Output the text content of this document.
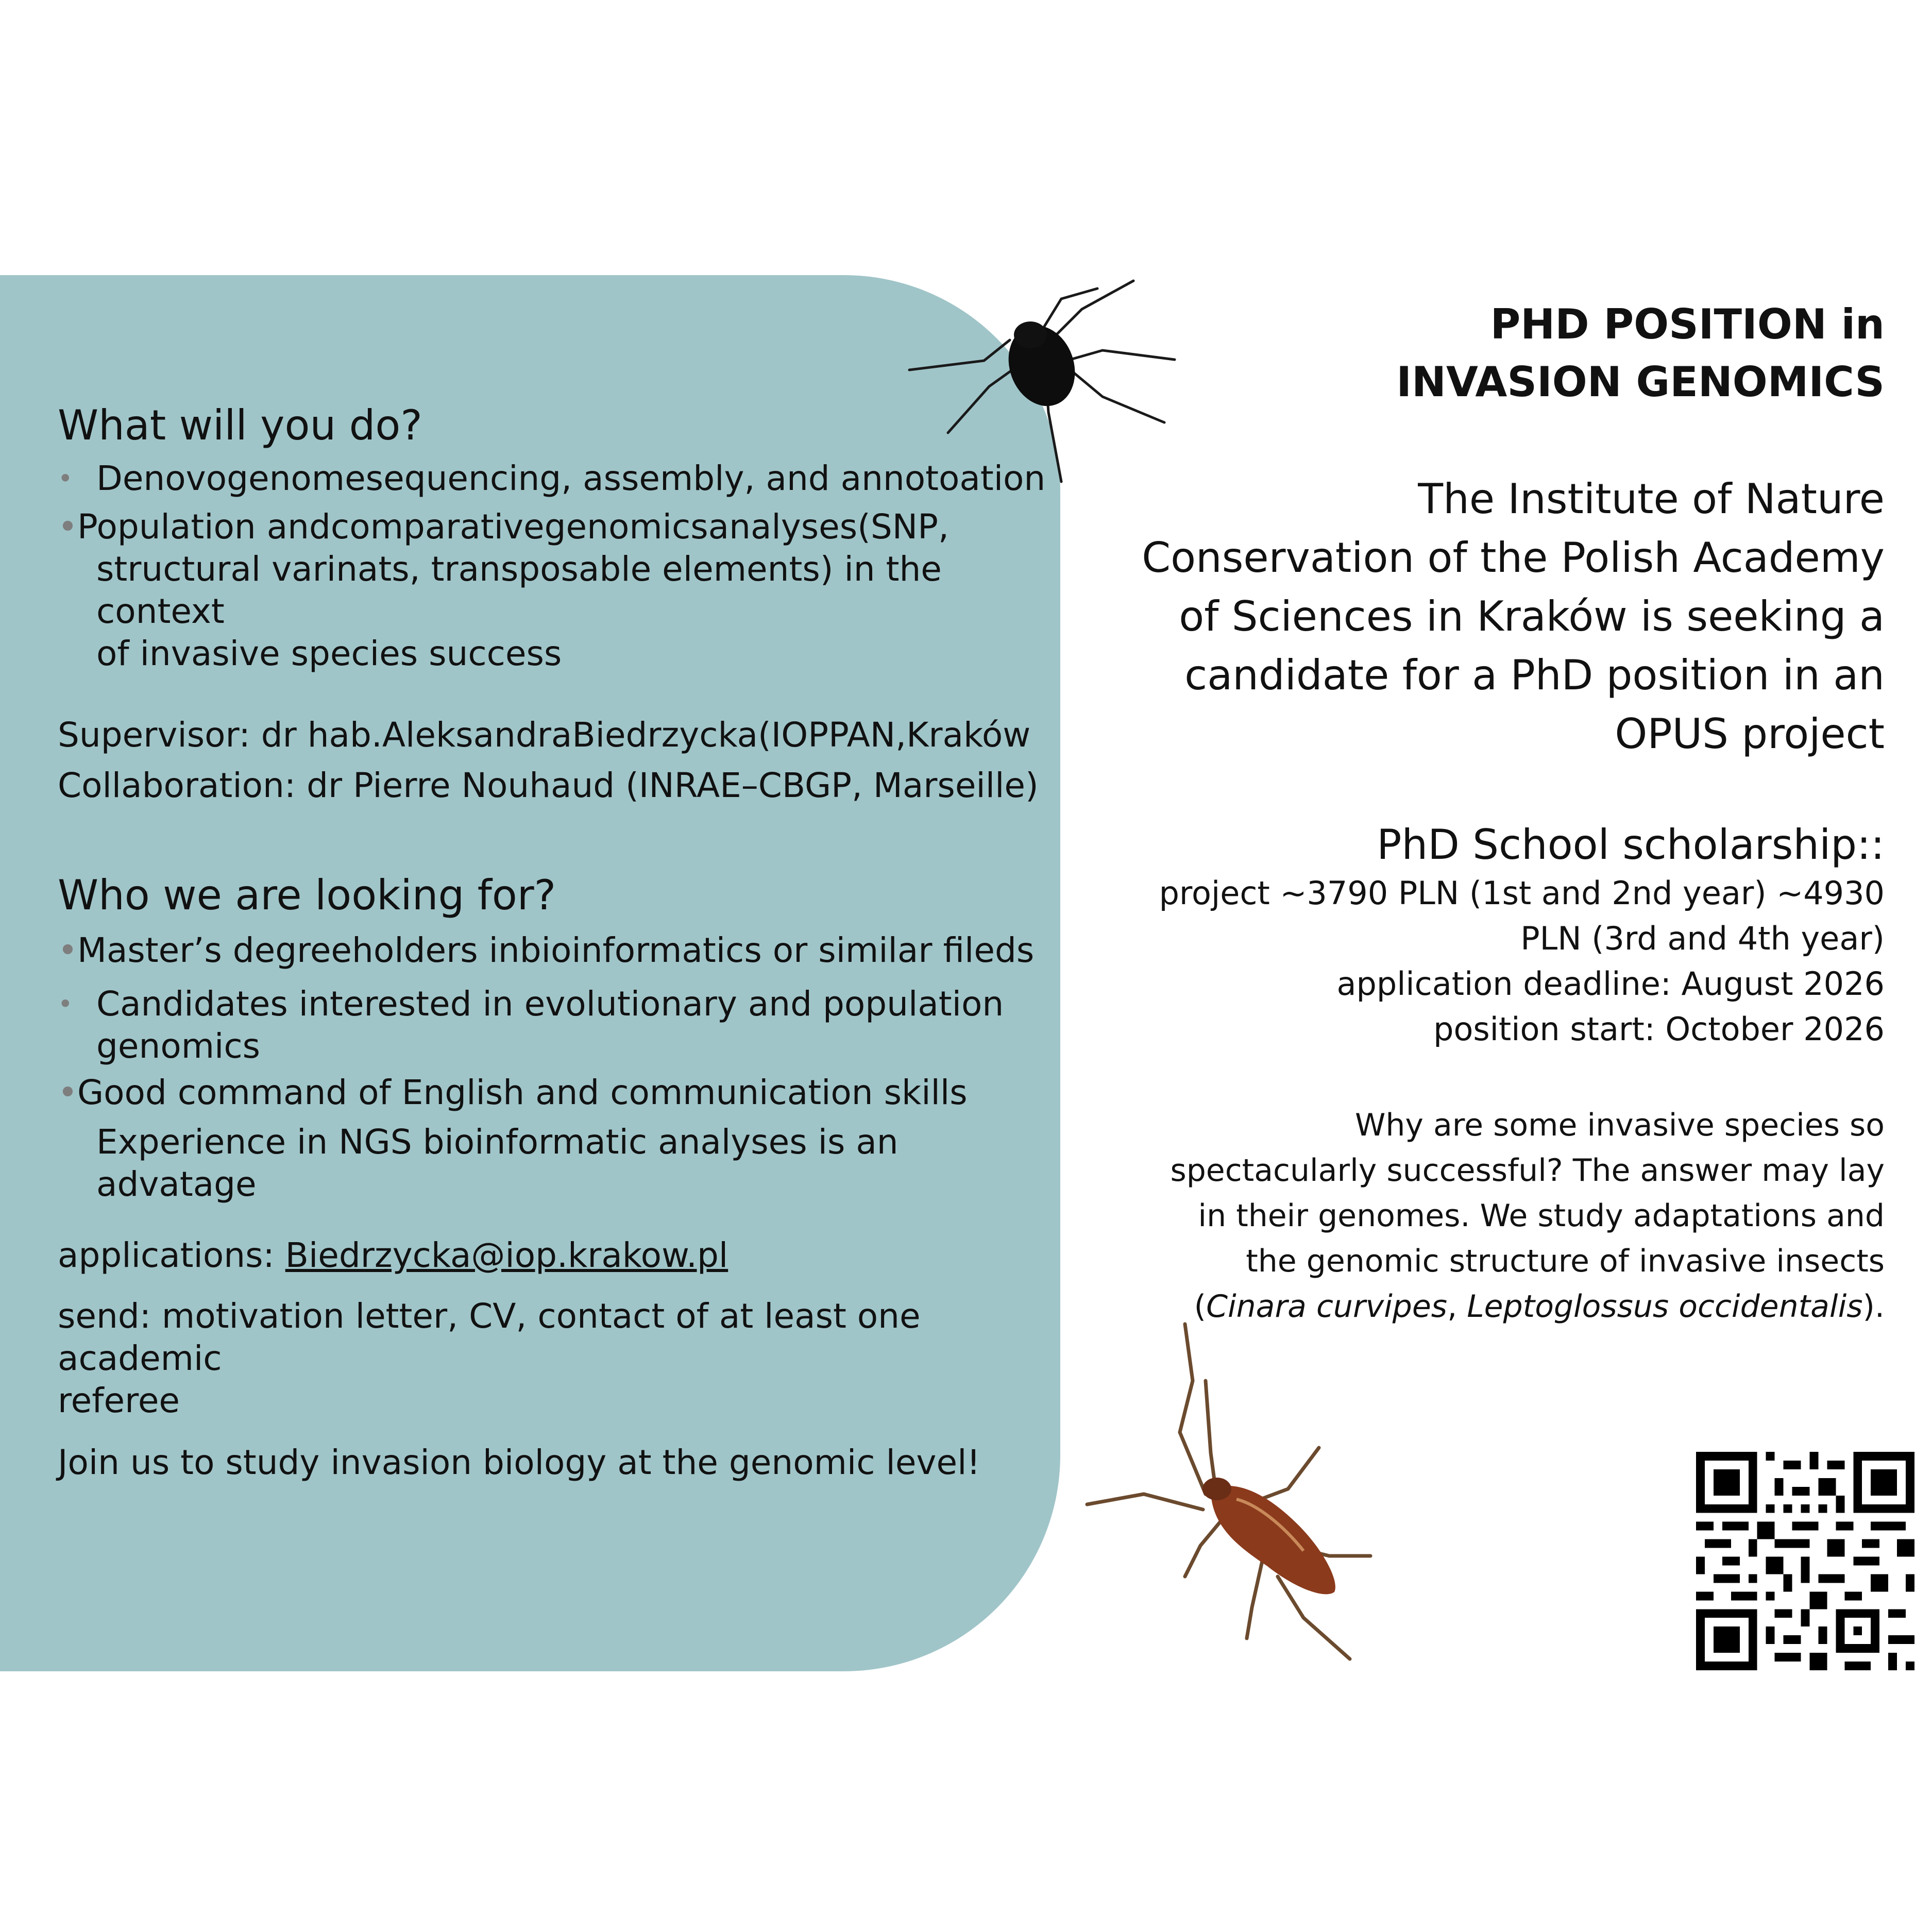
What will you do?
• Denovogenomesequencing, assembly, and annotoation
• Population andcomparativegenomicsanalyses(SNP,
structural varinats, transposable elements) in the context
of invasive species success

Supervisor: dr hab.AleksandraBiedrzycka(IOPPAN,Kraków

Collaboration: dr Pierre Nouhaud (INRAE–CBGP, Marseille)

Who we are looking for?
• Master’s degreeholders inbioinformatics or similar fileds
• Candidates interested in evolutionary and population
genomics
• Good command of English and communication skills
Experience in NGS bioinformatic analyses is an advatage

applications: Biedrzycka@iop.krakow.pl

send: motivation letter, CV, contact of at least one academic
referee

Join us to study invasion biology at the genomic level!

PHD POSITION in INVASION GENOMICS
The Institute of Nature
Conservation of the Polish Academy
of Sciences in Kraków is seeking a
candidate for a PhD position in an
OPUS project
PhD School scholarship::
project ~3790 PLN (1st and 2nd year) ~4930
PLN (3rd and 4th year)
application deadline: August 2026
position start: October 2026
Why are some invasive species so
spectacularly successful? The answer may lay
in their genomes. We study adaptations and
the genomic structure of invasive insects
(Cinara curvipes, Leptoglossus occidentalis).
